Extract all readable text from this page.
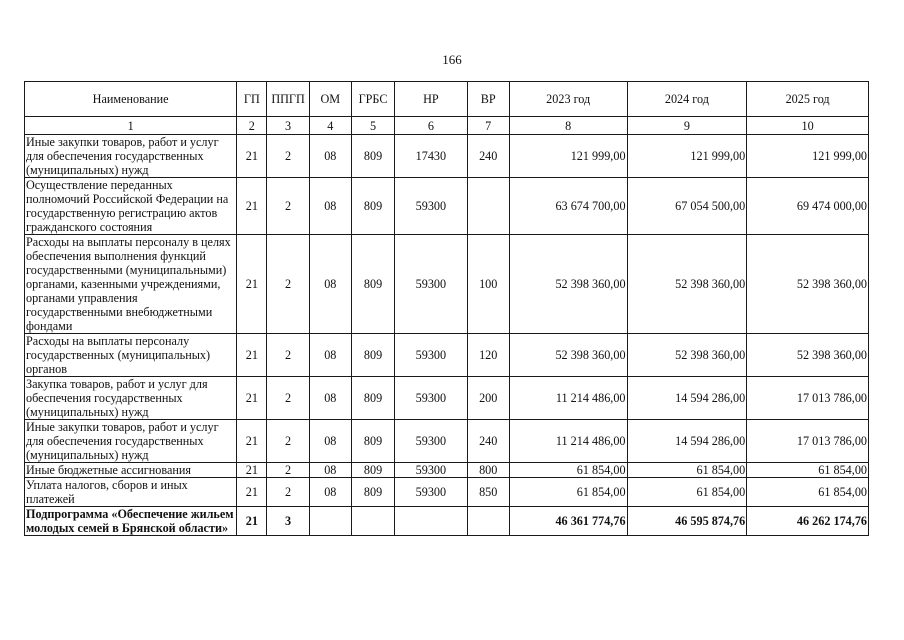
166
Наименование	ГП	ППГП	ОМ	ГРБС	НР	ВР	2023 год	2024 год	2025 год
1	2	3	4	5	6	7	8	9	10
Иные закупки товаров, работ и услуг для обеспечения государственных (муниципальных) нужд	21	2	08	809	17430	240	121 999,00	121 999,00	121 999,00
Осуществление переданных полномочий Российской Федерации на государственную регистрацию актов гражданского состояния	21	2	08	809	59300		63 674 700,00	67 054 500,00	69 474 000,00
Расходы на выплаты персоналу в целях обеспечения выполнения функций государственными (муниципальными) органами, казенными учреждениями, органами управления государственными внебюджетными фондами	21	2	08	809	59300	100	52 398 360,00	52 398 360,00	52 398 360,00
Расходы на выплаты персоналу государственных (муниципальных) органов	21	2	08	809	59300	120	52 398 360,00	52 398 360,00	52 398 360,00
Закупка товаров, работ и услуг для обеспечения государственных (муниципальных) нужд	21	2	08	809	59300	200	11 214 486,00	14 594 286,00	17 013 786,00
Иные закупки товаров, работ и услуг для обеспечения государственных (муниципальных) нужд	21	2	08	809	59300	240	11 214 486,00	14 594 286,00	17 013 786,00
Иные бюджетные ассигнования	21	2	08	809	59300	800	61 854,00	61 854,00	61 854,00
Уплата налогов, сборов и иных платежей	21	2	08	809	59300	850	61 854,00	61 854,00	61 854,00
Подпрограмма «Обеспечение жильем молодых семей в Брянской области»	21	3					46 361 774,76	46 595 874,76	46 262 174,76
